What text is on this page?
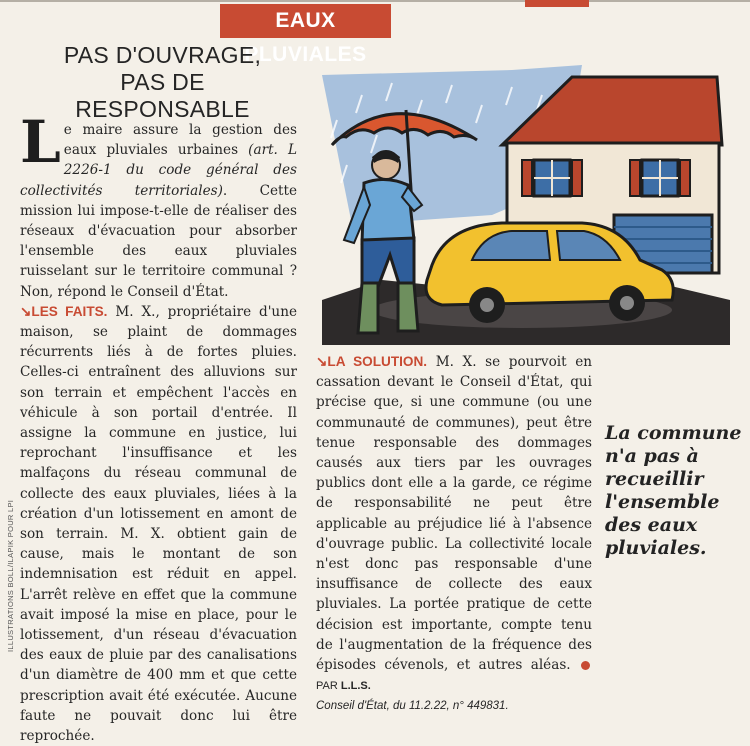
EAUX PLUVIALES
PAS D'OUVRAGE,
PAS DE RESPONSABLE

Le maire assure la gestion des eaux pluviales urbaines (art. L 2226-1 du code général des collectivités territoriales). Cette mission lui impose-t-elle de réaliser des réseaux d'évacuation pour absorber l'ensemble des eaux pluviales ruisselant sur le territoire communal ? Non, répond le Conseil d'État.

↘LES FAITS. M. X., propriétaire d'une maison, se plaint de dommages récurrents liés à de fortes pluies. Celles-ci entraînent des alluvions sur son terrain et empêchent l'accès en véhicule à son portail d'entrée. Il assigne la commune en justice, lui reprochant l'insuffisance et les malfaçons du réseau communal de collecte des eaux pluviales, liées à la création d'un lotissement en amont de son terrain. M. X. obtient gain de cause, mais le montant de son indemnisation est réduit en appel. L'arrêt relève en effet que la commune avait imposé la mise en place, pour le lotissement, d'un réseau d'évacuation des eaux de pluie par des canalisations d'un diamètre de 400 mm et que cette prescription avait été exécutée. Aucune faute ne pouvait donc lui être reprochée.

↘LA SOLUTION. M. X. se pourvoit en cassation devant le Conseil d'État, qui précise que, si une commune (ou une communauté de communes), peut être tenue responsable des dommages causés aux tiers par les ouvrages publics dont elle a la garde, ce régime de responsabilité ne peut être applicable au préjudice lié à l'absence d'ouvrage public. La collectivité locale n'est donc pas responsable d'une insuffisance de collecte des eaux pluviales. La portée pratique de cette décision est importante, compte tenu de l'augmentation de la fréquence des épisodes cévenols, et autres aléas. PAR L.L.S.

Conseil d'État, du 11.2.22, n° 449831.
La commune n'a pas à recueillir l'ensemble des eaux pluviales.
ILLUSTRATIONS BOLL/ILAPIK POUR LPI
